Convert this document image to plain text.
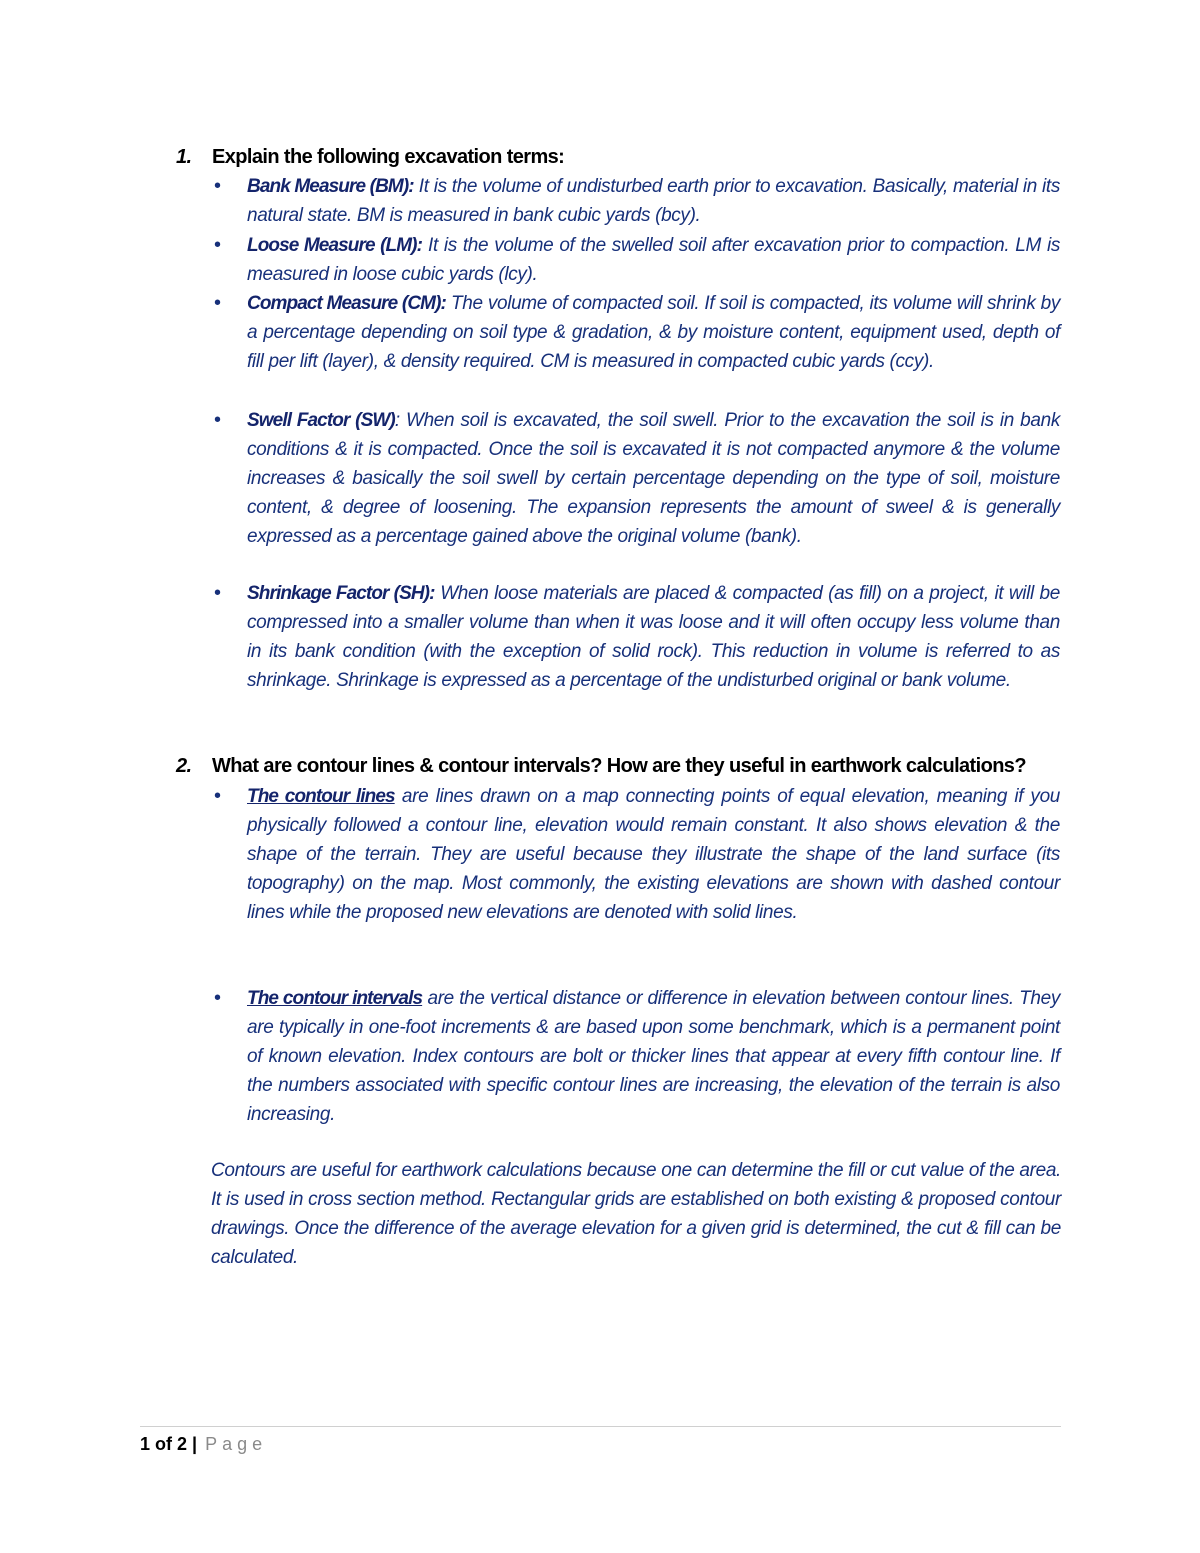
1. Explain the following excavation terms:
•	Bank Measure (BM): It is the volume of undisturbed earth prior to excavation. Basically, material in its natural state. BM is measured in bank cubic yards (bcy).
•	Loose Measure (LM): It is the volume of the swelled soil after excavation prior to compaction. LM is measured in loose cubic yards (lcy).
•	Compact Measure (CM): The volume of compacted soil. If soil is compacted, its volume will shrink by a percentage depending on soil type & gradation, & by moisture content, equipment used, depth of fill per lift (layer), & density required. CM is measured in compacted cubic yards (ccy).
•	Swell Factor (SW): When soil is excavated, the soil swell. Prior to the excavation the soil is in bank conditions & it is compacted. Once the soil is excavated it is not compacted anymore & the volume increases & basically the soil swell by certain percentage depending on the type of soil, moisture content, & degree of loosening. The expansion represents the amount of sweel & is generally expressed as a percentage gained above the original volume (bank).
•	Shrinkage Factor (SH): When loose materials are placed & compacted (as fill) on a project, it will be compressed into a smaller volume than when it was loose and it will often occupy less volume than in its bank condition (with the exception of solid rock). This reduction in volume is referred to as shrinkage. Shrinkage is expressed as a percentage of the undisturbed original or bank volume.
2. What are contour lines & contour intervals? How are they useful in earthwork calculations?
•	The contour lines are lines drawn on a map connecting points of equal elevation, meaning if you physically followed a contour line, elevation would remain constant. It also shows elevation & the shape of the terrain. They are useful because they illustrate the shape of the land surface (its topography) on the map. Most commonly, the existing elevations are shown with dashed contour lines while the proposed new elevations are denoted with solid lines.
•	The contour intervals are the vertical distance or difference in elevation between contour lines. They are typically in one-foot increments & are based upon some benchmark, which is a permanent point of known elevation. Index contours are bolt or thicker lines that appear at every fifth contour line. If the numbers associated with specific contour lines are increasing, the elevation of the terrain is also increasing.
Contours are useful for earthwork calculations because one can determine the fill or cut value of the area. It is used in cross section method. Rectangular grids are established on both existing & proposed contour drawings. Once the difference of the average elevation for a given grid is determined, the cut & fill can be calculated.
1 of 2 | Page
